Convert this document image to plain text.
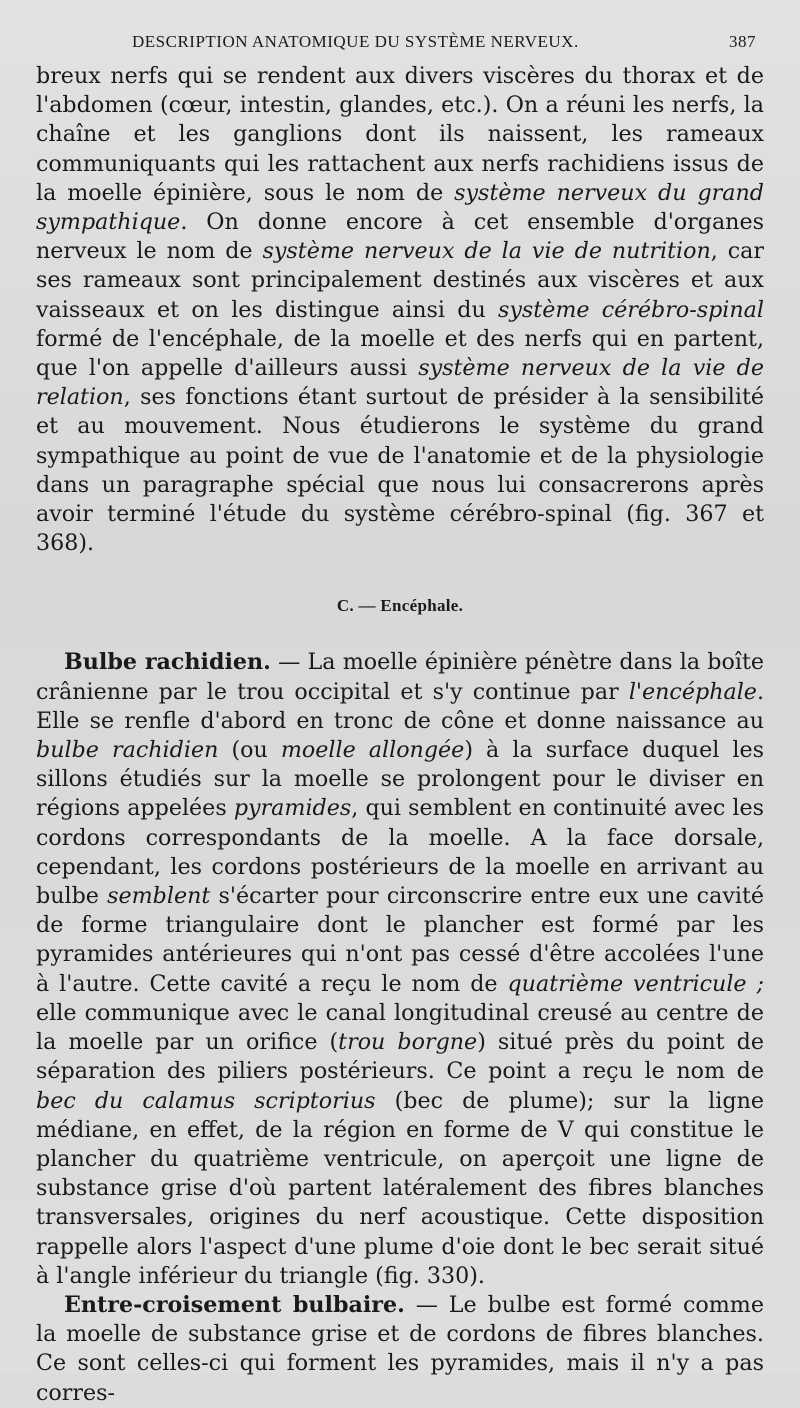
DESCRIPTION ANATOMIQUE DU SYSTÈME NERVEUX.	387

breux nerfs qui se rendent aux divers viscères du thorax et de l'abdomen (cœur, intestin, glandes, etc.). On a réuni les nerfs, la chaîne et les ganglions dont ils naissent, les rameaux communiquants qui les rattachent aux nerfs rachidiens issus de la moelle épinière, sous le nom de système nerveux du grand sympathique. On donne encore à cet ensemble d'organes nerveux le nom de système nerveux de la vie de nutrition, car ses rameaux sont principalement destinés aux viscères et aux vaisseaux et on les distingue ainsi du système cérébro-spinal formé de l'encéphale, de la moelle et des nerfs qui en partent, que l'on appelle d'ailleurs aussi système nerveux de la vie de relation, ses fonctions étant surtout de présider à la sensibilité et au mouvement. Nous étudierons le système du grand sympathique au point de vue de l'anatomie et de la physiologie dans un paragraphe spécial que nous lui consacrerons après avoir terminé l'étude du système cérébro-spinal (fig. 367 et 368).

C. — Encéphale.

Bulbe rachidien. — La moelle épinière pénètre dans la boîte crânienne par le trou occipital et s'y continue par l'encéphale. Elle se renfle d'abord en tronc de cône et donne naissance au bulbe rachidien (ou moelle allongée) à la surface duquel les sillons étudiés sur la moelle se prolongent pour le diviser en régions appelées pyramides, qui semblent en continuité avec les cordons correspondants de la moelle. A la face dorsale, cependant, les cordons postérieurs de la moelle en arrivant au bulbe semblent s'écarter pour circonscrire entre eux une cavité de forme triangulaire dont le plancher est formé par les pyramides antérieures qui n'ont pas cessé d'être accolées l'une à l'autre. Cette cavité a reçu le nom de quatrième ventricule ; elle communique avec le canal longitudinal creusé au centre de la moelle par un orifice (trou borgne) situé près du point de séparation des piliers postérieurs. Ce point a reçu le nom de bec du calamus scriptorius (bec de plume); sur la ligne médiane, en effet, de la région en forme de V qui constitue le plancher du quatrième ventricule, on aperçoit une ligne de substance grise d'où partent latéralement des fibres blanches transversales, origines du nerf acoustique. Cette disposition rappelle alors l'aspect d'une plume d'oie dont le bec serait situé à l'angle inférieur du triangle (fig. 330).

Entre-croisement bulbaire. — Le bulbe est formé comme la moelle de substance grise et de cordons de fibres blanches. Ce sont celles-ci qui forment les pyramides, mais il n'y a pas corres-
